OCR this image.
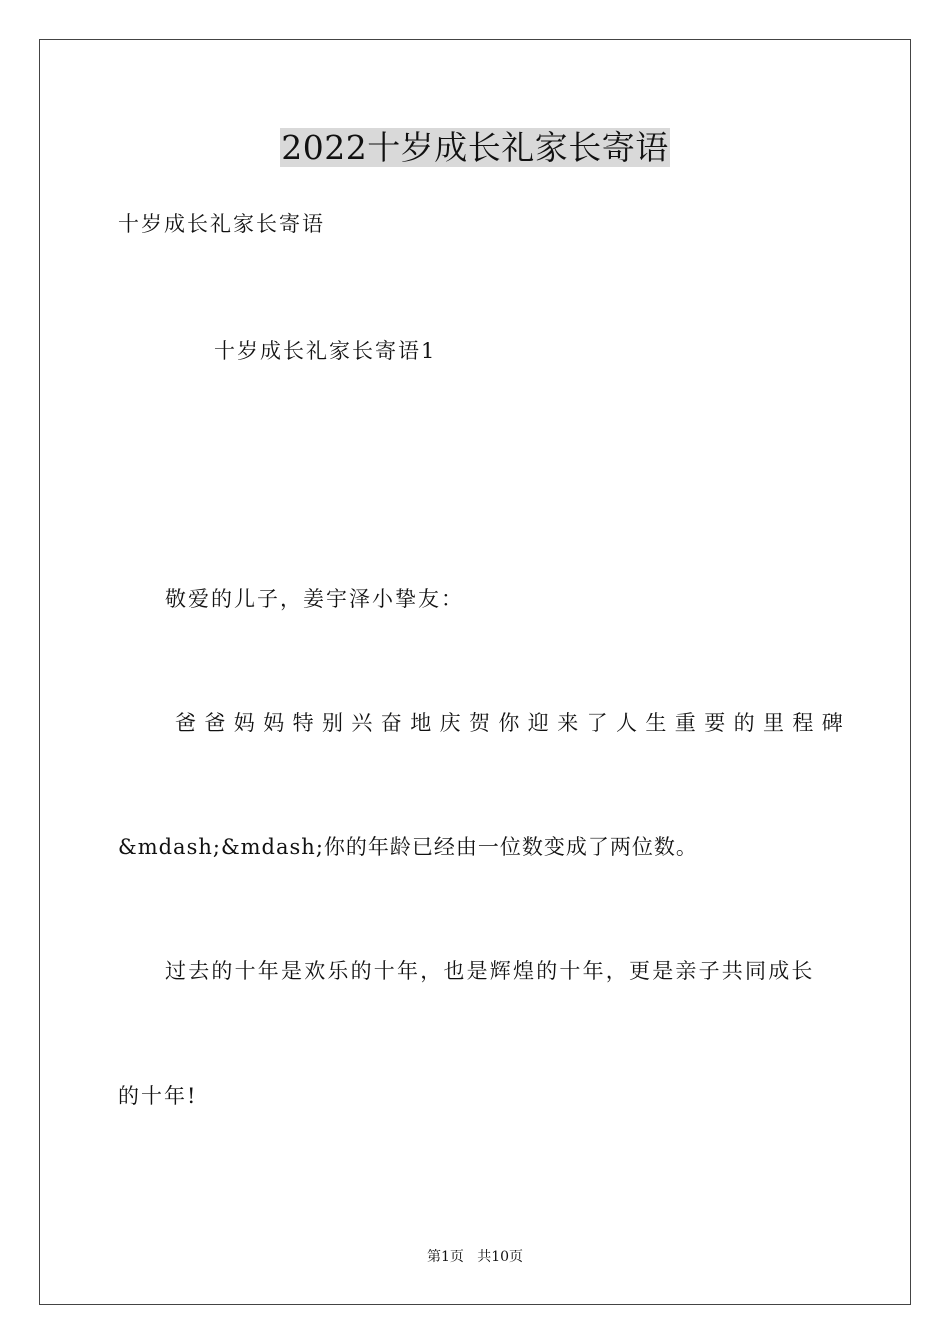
2022十岁成长礼家长寄语
十岁成长礼家长寄语
十岁成长礼家长寄语1
敬爱的儿子，姜宇泽小挚友：
爸爸妈妈特别兴奋地庆贺你迎来了人生重要的里程碑
&mdash;&mdash;你的年龄已经由一位数变成了两位数。
过去的十年是欢乐的十年，也是辉煌的十年，更是亲子共同成长
的十年!
第1页   共10页
